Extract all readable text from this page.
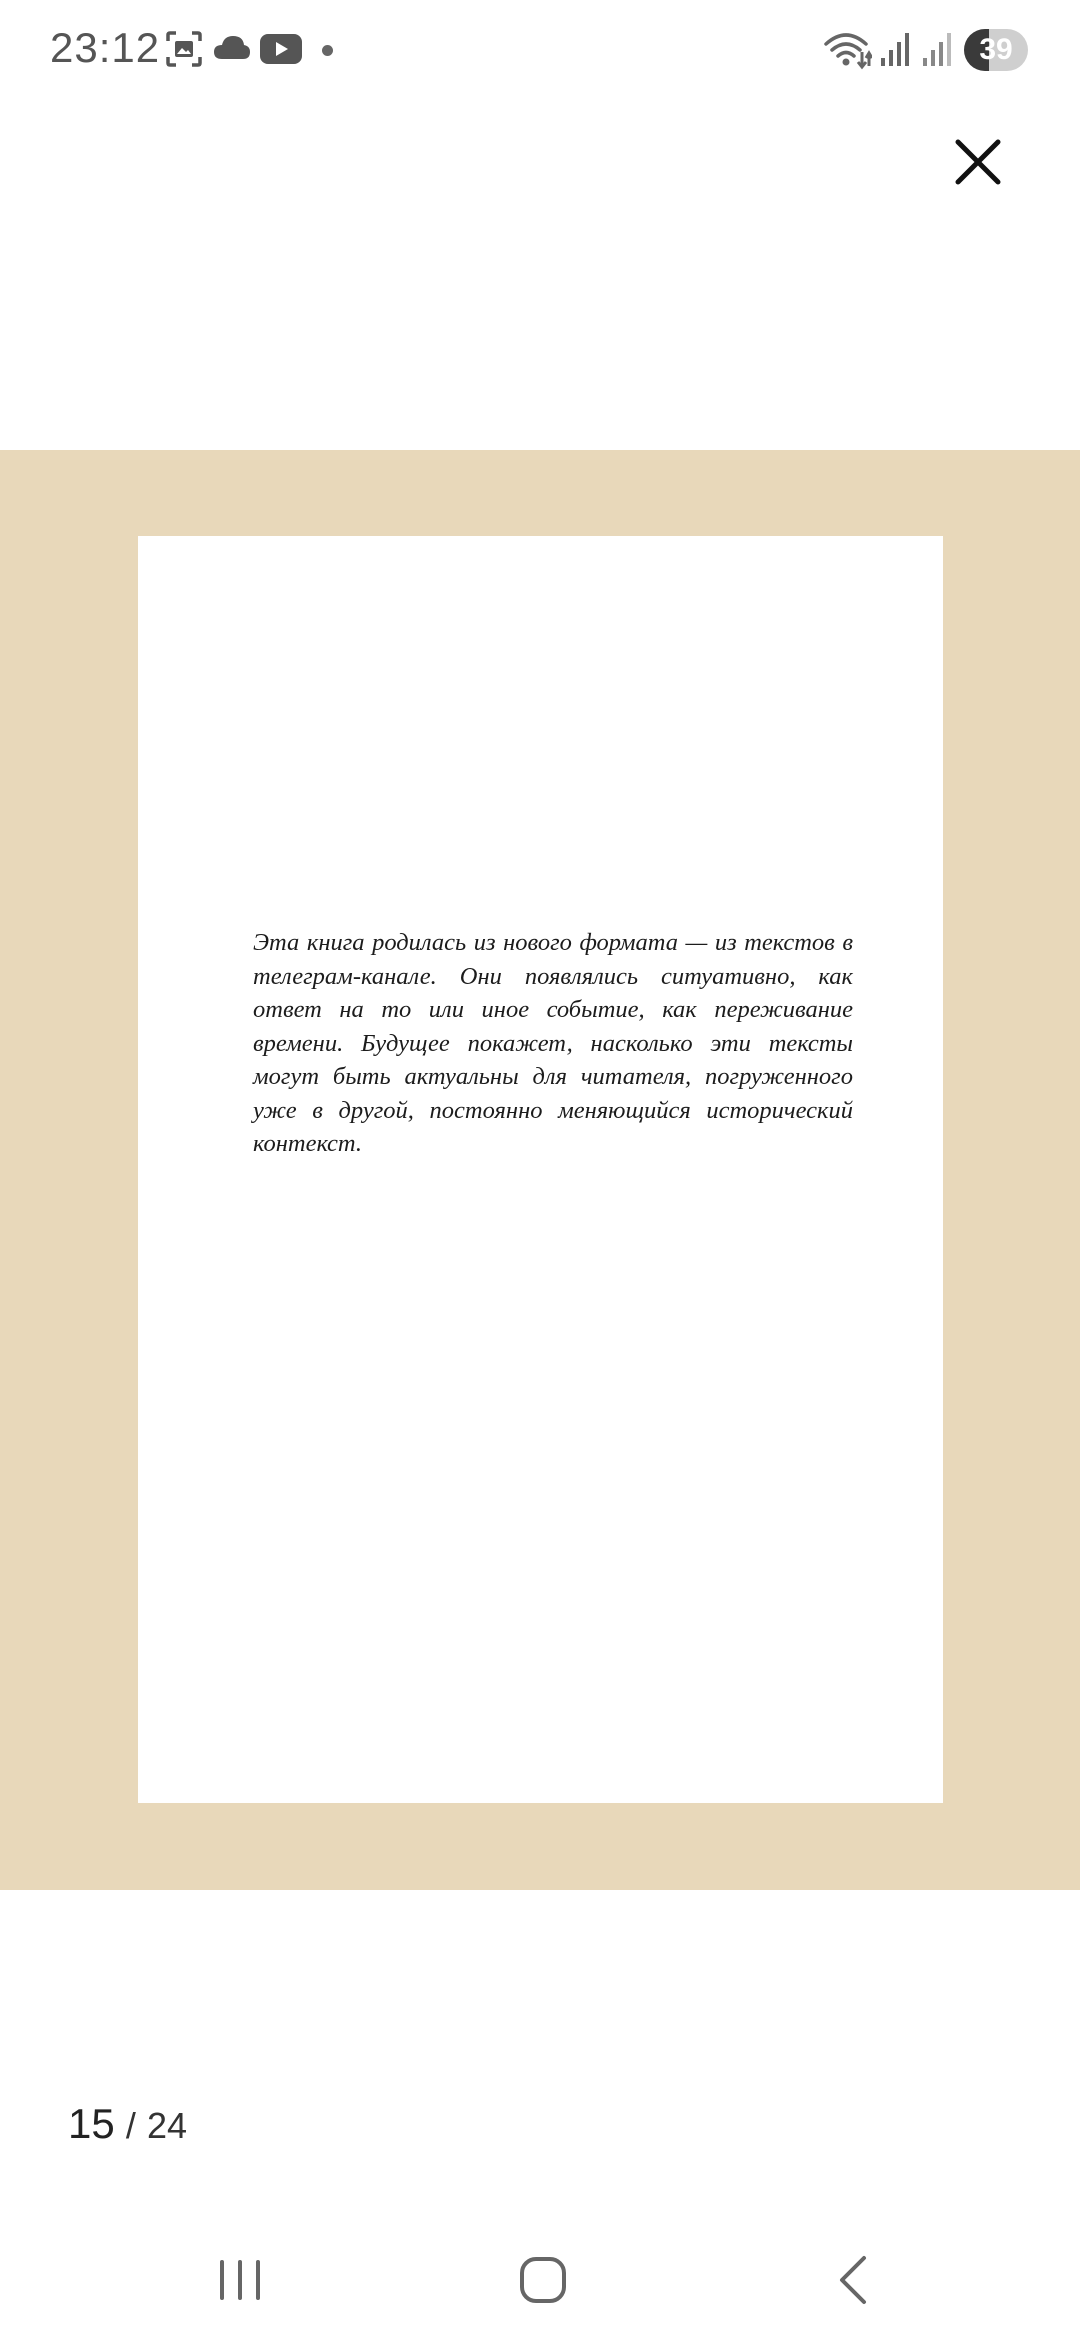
23:12	39

Эта книга родилась из нового формата — из текстов в телеграм-канале. Они появлялись ситуативно, как ответ на то или иное событие, как переживание времени. Будущее покажет, насколько эти тексты могут быть актуальны для читателя, погруженного уже в другой, постоянно меняющийся исторический контекст.

15 / 24
